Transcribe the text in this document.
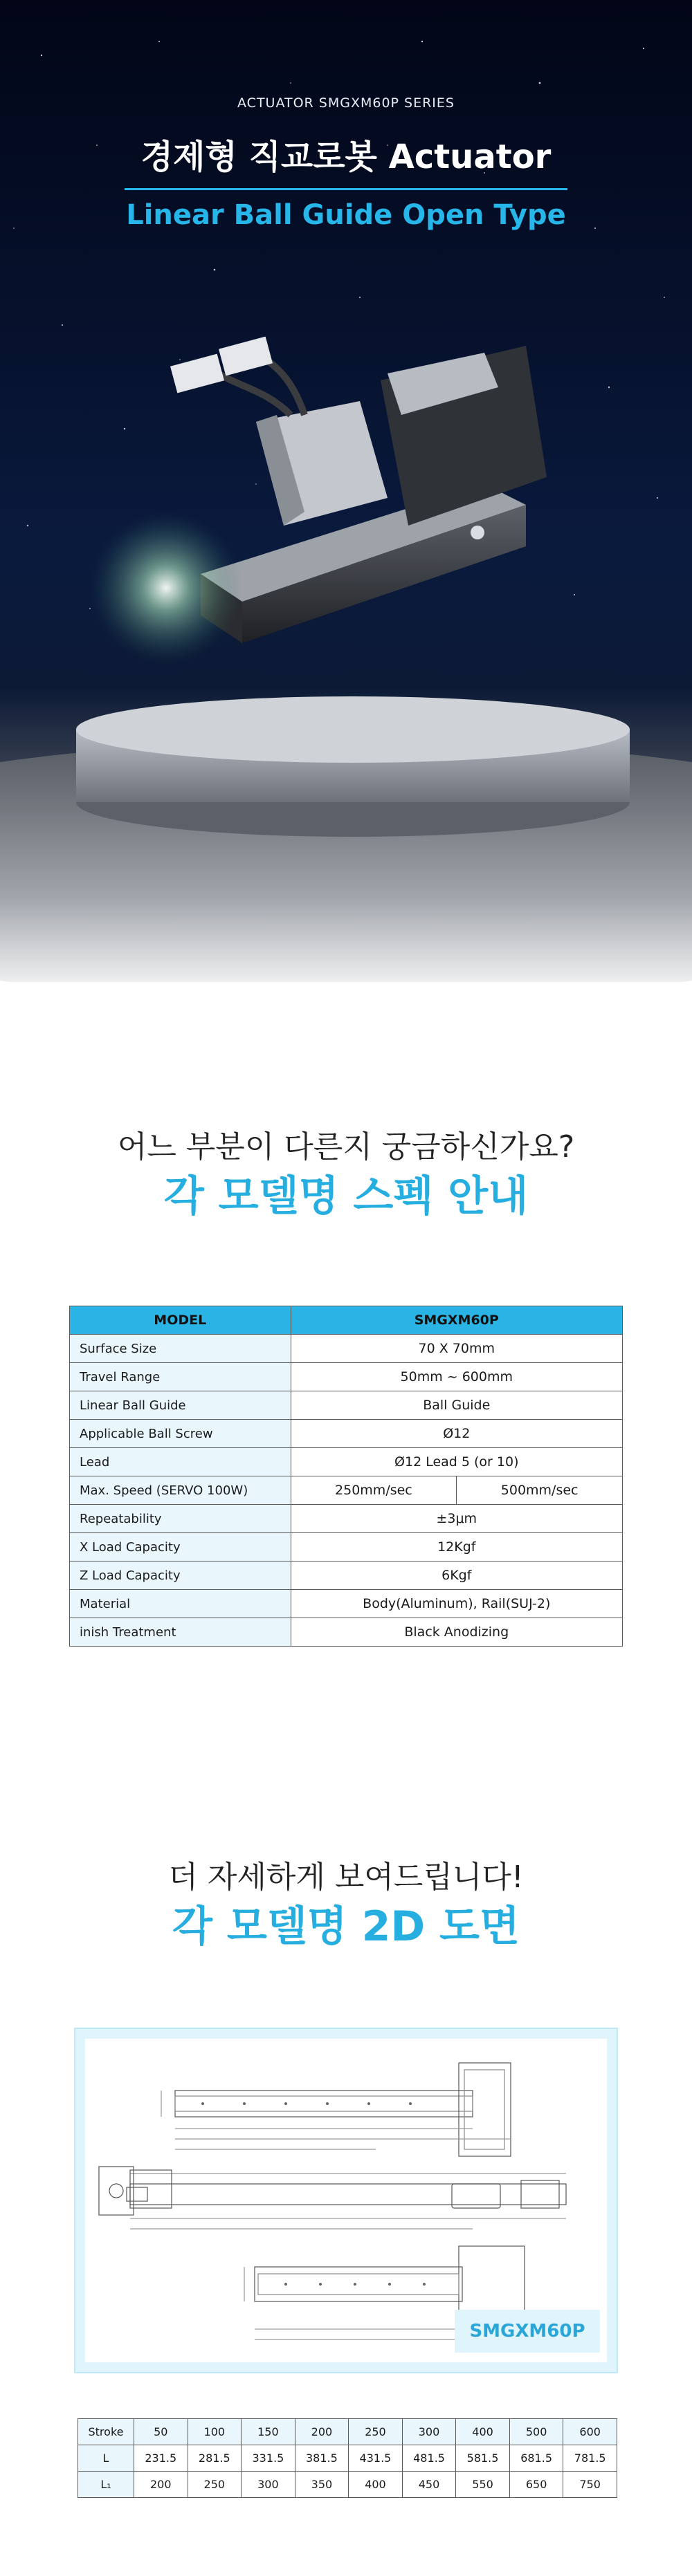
ACTUATOR SMGXM60P SERIES
경제형 직교로봇 Actuator
Linear Ball Guide Open Type
어느 부분이 다른지 궁금하신가요?
각 모델명 스펙 안내
MODEL	SMGXM60P	
Surface Size	70 X 70mm	
Travel Range	50mm ~ 600mm	
Linear Ball Guide	Ball Guide	
Applicable Ball Screw	Ø12	
Lead	Ø12 Lead 5 (or 10)	
Max. Speed (SERVO 100W)	250mm/sec	500mm/sec
Repeatability	±3μm	
X Load Capacity	12Kgf	
Z Load Capacity	6Kgf	
Material	Body(Aluminum), Rail(SUJ-2)	
inish Treatment	Black Anodizing	
더 자세하게 보여드립니다!
각 모델명 2D 도면
SMGXM60P
Stroke	50	100	150	200	250	300	400	500	600
L	231.5	281.5	331.5	381.5	431.5	481.5	581.5	681.5	781.5
L₁	200	250	300	350	400	450	550	650	750
